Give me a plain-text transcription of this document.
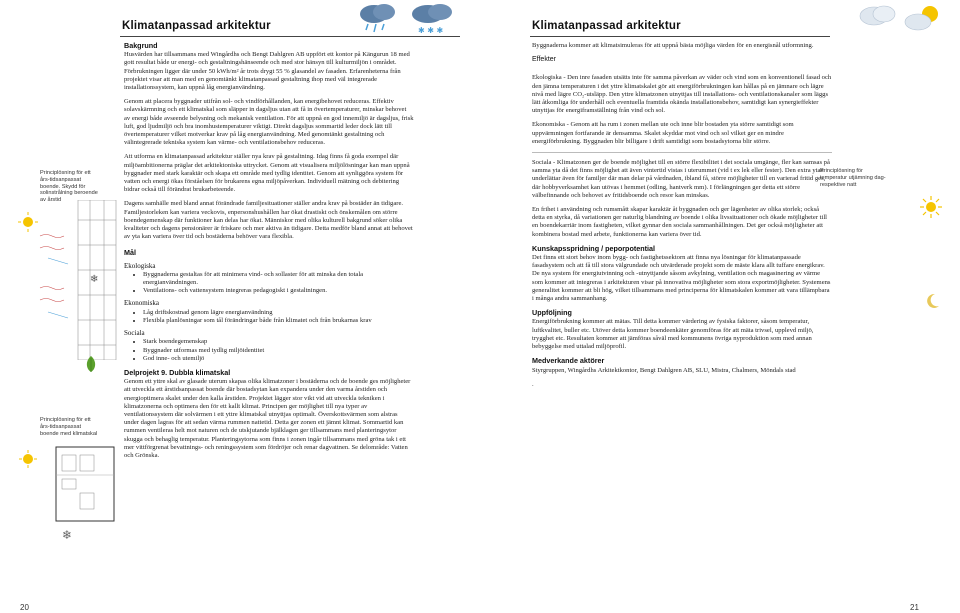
Klimatanpassad arkitektur	✱ ✱ ✱
Principlösning för ett års-tidsanpassat boende. Skydd för solinstrålning beroende av årstid
Principlösning för ett års-tidsanpassat boende med klimatskal
❄
❄
20
Bakgrund

Husvärden har tillsammans med Wingårdhs och Bengt Dahlgren AB uppfört ett kontor på Kängurun 18 med gott resultat både ur energi- och gestaltningshänseende och med stor hänsyn till kulturmiljön i området. Förbrukningen ligger där under 50 kWh/m² år trots drygt 55 % glasandel av fasaden. Erfarenheterna från projektet visar att man med en genomtänkt klimatanpassad gestaltning ihop med väl integrerade installationssystem, kan uppnå låg energianvändning.

Genom att placera byggnader utifrån sol- och vindförhållanden, kan energibehovet reduceras. Effektiv solavskärmning och ett klimatskal som släpper in dagsljus utan att få in övertemperaturer, minskar behovet av energi både avseende belysning och mekanisk ventilation. För att uppnå en god innemiljö är dagsljus, frisk luft, god ljudmiljö och bra inomhustemperaturer viktigt. Direkt dagsljus sommartid leder dock lätt till övertemperaturer vilket motverkar krav på låg energianvändning. Med genomtänkt gestaltning och välintegrerade tekniska system kan värme- och ventilationsbehov reduceras.

Att utforma en klimatanpassad arkitektur ställer nya krav på gestaltning. Idag finns få goda exempel där miljöambitionerna präglar det arkitektoniska uttrycket. Genom att visualisera miljölösningar kan man uppnå byggnader med stark karaktär och skapa ett område med tydlig identitet. Genom att synliggöra system för vatten och energi ökas förståelsen för brukarens egna miljöpåverkan. Individuell mätning och debitering bidrar också till förändrat brukarbeteende.

Dagens samhälle med bland annat förändrade familjesituationer ställer andra krav på bostäder än tidigare. Familjestorleken kan variera veckovis, enpersonshushållen har ökat drastiskt och önskemålen om större boendegemenskap där funktioner kan delas har ökat. Människor med olika kulturell bakgrund söker olika kvaliteter och dagens pensionärer är friskare och mer aktiva än tidigare. Detta medför bland annat att behovet av yta kan variera över tid och bostäderna behöver vara flexibla.

Mål
Ekologiska
• Byggnaderna gestaltas för att minimera vind- och sollaster för att minska den totala energianvändningen.
• Ventilations- och vattensystem integreras pedagogiskt i gestaltningen.
Ekonomiska
• Låg driftskostnad genom lägre energianvändning
• Flexibla planlösningar som tål förändringar både från klimatet och från brukarnas krav
Sociala
• Stark boendegemenskap
• Byggnader utformas med tydlig miljöidentitet
• God inne- och utemiljö
Delprojekt 9. Dubbla klimatskal

Genom ett yttre skal av glasade uterum skapas olika klimatzoner i bostäderna och de boende ges möjligheter att utveckla ett årstidsanpassat boende där bostadsytan kan expandera under den varma årstiden och energioptimera skalet under den kalla årstiden. Projektet lägger stor vikt vid att utveckla tekniken i klimatzonerna och optimera den för ett kallt klimat. Principen ger möjlighet till nya typer av ventilationssystem där solvärmen i ett yttre klimatskal utnyttjas optimalt. Överskottsvärmen som alstras under dagen lagras för att sedan värma rummen nattetid. Detta ger zonen ett jämnt klimat. Sommartid kan rummen ventileras helt mot naturen och de utskjutande bjälklagen ger tillsammans med planteringsytor skugga och behaglig temperatur. Planteringsytorna som finns i zonen ingår tillsammans med gröna tak i ett mer vittförgrenat bevattnings- och reningssystem som fördröjer och renar dagvattnen. Se delområde: Vatten och Grönska.

Klimatanpassad arkitektur
Principlösning för temperatur utjämning dag- respektive natt
21

Byggnaderna kommer att klimatsimuleras för att uppnå bästa möjliga värden för en energisnål utformning.

Effekter

Ekologiska - Den inre fasaden utsätts inte för samma påverkan av väder och vind som en konventionell fasad och den jämna temperaturen i det yttre klimatskalet gör att energiförbrukningen kan hållas på en jämnare och lägre nivå med lägre CO₂-utsläpp. Den yttre klimatzonen utnyttjas till installations- och ventilationskanaler som läggs lätt åtkomliga för underhåll och eventuella framtida okända installationsbehov, samtidigt kan synergieffekter utnyttjas för energiframställning från vind och sol.

Ekonomiska - Genom att ha rum i zonen mellan ute och inne blir bostaden yta större samtidigt som uppvärmningen fortfarande är densamma. Skalet skyddar mot vind och sol vilket ger en mindre energiförbrukning. Byggnaden blir billigare i drift samtidigt som bostadsytorna blir större.

Sociala - Klimatzonen ger de boende möjlighet till en större flexibilitet i det sociala umgänge, fler kan samsas på samma yta då det finns möjlighet att även vintertid vistas i uterummet (vid t ex lek eller fester). Den extra ytan underlättar även för familjer där man delar på vårdnaden, ibland få, större möjligheter till en varierad fritid ges, där hobbyverksamhet kan utövas i hemmet (odling, hantverk mm). I förlängningen ger detta ett större välbefinnande och behovet av fritidsboende och resor kan minskas.

En frihet i användning och rumsmått skapar karaktär åt byggnaden och ger lägenheter av olika storlek; också detta en styrka, då variationen ger naturlig blandning av boende i olika livssituationer och ökade möjligheter till en boendekarriär inom fastigheten, vilket gynnar den sociala sammanhållningen. Det ger också möjligheter att kombinera bostad med arbete, funktionerna kan variera över tid.

Kunskapsspridning / peporpotential

Det finns ett stort behov inom bygg- och fastighetssektorn att finna nya lösningar för klimatanpassade fasadsystem och att få till stora välgrundade och utvärderade projekt som de mäste klara allt tuffare energikrav. De nya system för energiutvinning och -utnyttjande såsom avkylning, ventilation och magasinering av värme som kommer att integreras i arkitekturen visar på innovativa möjligheter som stora exportmöjligheter. Systemens generalitet kommer att bli hög, vilket tillsammans med principerna för klimatskalen kommer att vara tillämpbara i många andra sammanhang.

Uppföljning

Energiförbrukning kommer att mätas. Till detta kommer värdering av fysiska faktorer, såsom temperatur, luftkvalitet, buller etc. Utöver detta kommer boendeenkäter genomföras för att mäta trivsel, upplevd miljö, trygghet etc. Resultaten kommer att jämföras såväl med kommunens övriga nyproduktion som med annan bebyggelse med uttalad miljöprofil.

Medverkande aktörer

Styrgruppen, Wingårdhs Arkitektkontor, Bengt Dahlgren AB, SLU, Mistra, Chalmers, Möndals stad

.
